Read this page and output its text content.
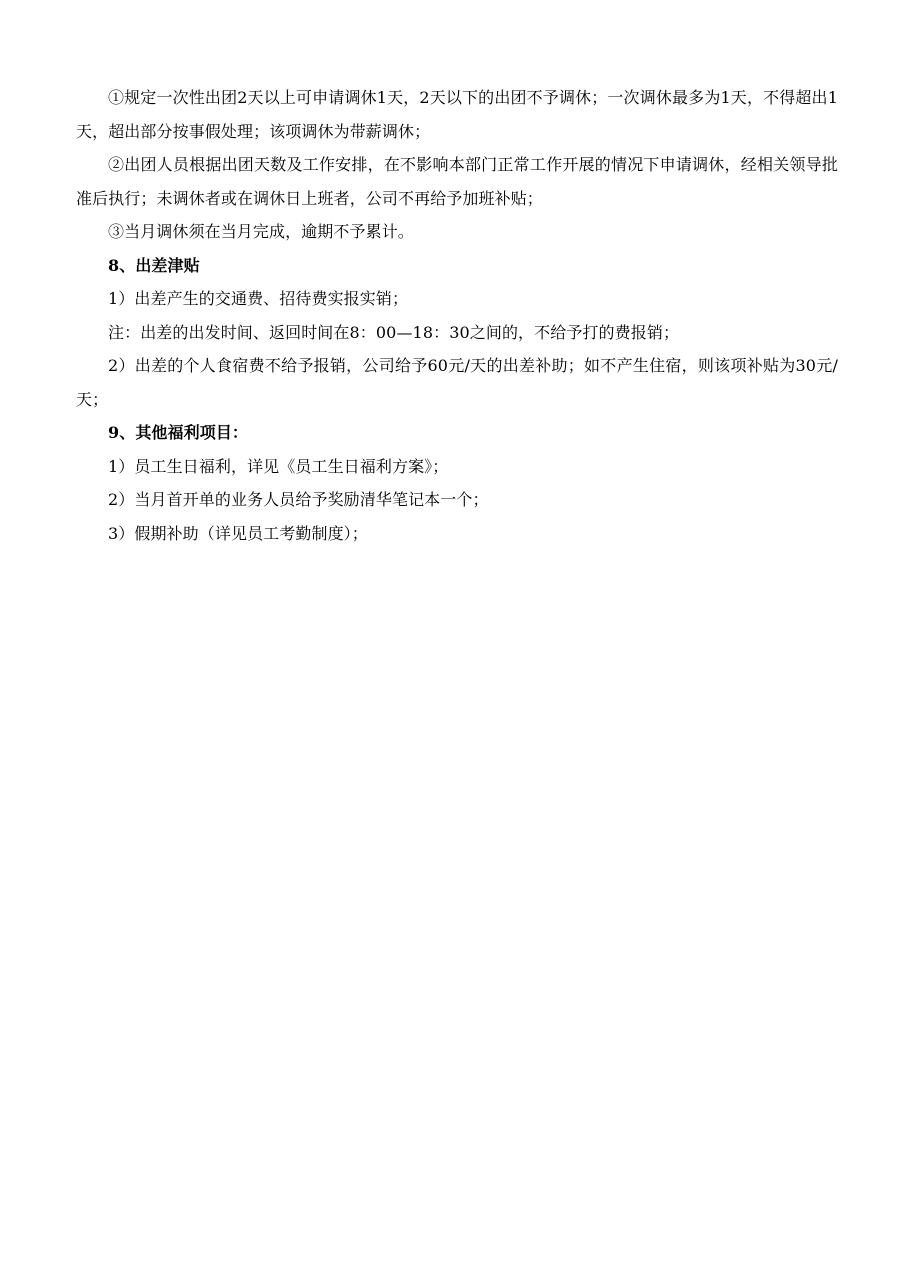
①规定一次性出团2天以上可申请调休1天，2天以下的出团不予调休；一次调休最多为1天，不得超出1天，超出部分按事假处理；该项调休为带薪调休；

②出团人员根据出团天数及工作安排，在不影响本部门正常工作开展的情况下申请调休，经相关领导批准后执行；未调休者或在调休日上班者，公司不再给予加班补贴；

③当月调休须在当月完成，逾期不予累计。

8、出差津贴

1）出差产生的交通费、招待费实报实销；

注：出差的出发时间、返回时间在8：00—18：30之间的，不给予打的费报销；

2）出差的个人食宿费不给予报销，公司给予60元/天的出差补助；如不产生住宿，则该项补贴为30元/天；

9、其他福利项目：

1）员工生日福利，详见《员工生日福利方案》；

2）当月首开单的业务人员给予奖励清华笔记本一个；

3）假期补助（详见员工考勤制度）；
